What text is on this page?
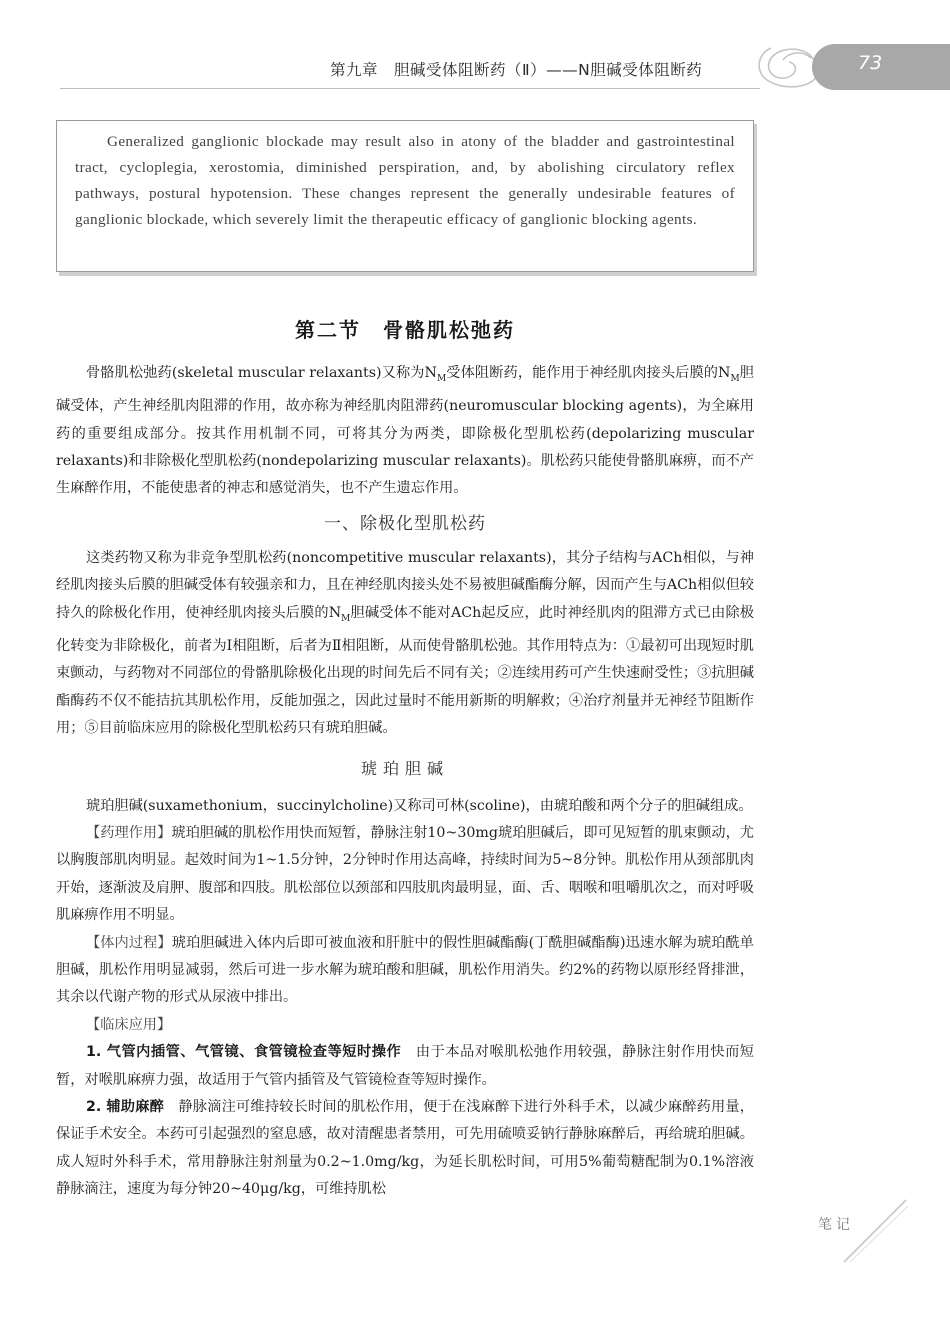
第九章　胆碱受体阻断药（Ⅱ）——N胆碱受体阻断药	73

Generalized ganglionic blockade may result also in atony of the bladder and gastrointestinal tract, cycloplegia, xerostomia, diminished perspiration, and, by abolishing circulatory reflex pathways, postural hypotension. These changes represent the generally undesirable features of ganglionic blockade, which severely limit the therapeutic efficacy of ganglionic blocking agents.

第二节　骨骼肌松弛药

骨骼肌松弛药(skeletal muscular relaxants)又称为$N_M$受体阻断药，能作用于神经肌肉接头后膜的$N_M$胆碱受体，产生神经肌肉阻滞的作用，故亦称为神经肌肉阻滞药(neuromuscular blocking agents)，为全麻用药的重要组成部分。按其作用机制不同，可将其分为两类，即除极化型肌松药(depolarizing muscular relaxants)和非除极化型肌松药(nondepolarizing muscular relaxants)。肌松药只能使骨骼肌麻痹，而不产生麻醉作用，不能使患者的神志和感觉消失，也不产生遗忘作用。

一、除极化型肌松药

这类药物又称为非竞争型肌松药(noncompetitive muscular relaxants)，其分子结构与ACh相似，与神经肌肉接头后膜的胆碱受体有较强亲和力，且在神经肌肉接头处不易被胆碱酯酶分解，因而产生与ACh相似但较持久的除极化作用，使神经肌肉接头后膜的$N_M$胆碱受体不能对ACh起反应，此时神经肌肉的阻滞方式已由除极化转变为非除极化，前者为Ⅰ相阻断，后者为Ⅱ相阻断，从而使骨骼肌松弛。其作用特点为：①最初可出现短时肌束颤动，与药物对不同部位的骨骼肌除极化出现的时间先后不同有关；②连续用药可产生快速耐受性；③抗胆碱酯酶药不仅不能拮抗其肌松作用，反能加强之，因此过量时不能用新斯的明解救；④治疗剂量并无神经节阻断作用；⑤目前临床应用的除极化型肌松药只有琥珀胆碱。

琥珀胆碱

琥珀胆碱(suxamethonium，succinylcholine)又称司可林(scoline)，由琥珀酸和两个分子的胆碱组成。

【药理作用】琥珀胆碱的肌松作用快而短暂，静脉注射10~30mg琥珀胆碱后，即可见短暂的肌束颤动，尤以胸腹部肌肉明显。起效时间为1~1.5分钟，2分钟时作用达高峰，持续时间为5~8分钟。肌松作用从颈部肌肉开始，逐渐波及肩胛、腹部和四肢。肌松部位以颈部和四肢肌肉最明显，面、舌、咽喉和咀嚼肌次之，而对呼吸肌麻痹作用不明显。

【体内过程】琥珀胆碱进入体内后即可被血液和肝脏中的假性胆碱酯酶(丁酰胆碱酯酶)迅速水解为琥珀酰单胆碱，肌松作用明显减弱，然后可进一步水解为琥珀酸和胆碱，肌松作用消失。约2%的药物以原形经肾排泄，其余以代谢产物的形式从尿液中排出。

【临床应用】

1. 气管内插管、气管镜、食管镜检查等短时操作　 由于本品对喉肌松弛作用较强，静脉注射作用快而短暂，对喉肌麻痹力强，故适用于气管内插管及气管镜检查等短时操作。

2. 辅助麻醉　 静脉滴注可维持较长时间的肌松作用，便于在浅麻醉下进行外科手术，以减少麻醉药用量，保证手术安全。本药可引起强烈的窒息感，故对清醒患者禁用，可先用硫喷妥钠行静脉麻醉后，再给琥珀胆碱。成人短时外科手术，常用静脉注射剂量为0.2~1.0mg/kg，为延长肌松时间，可用5%葡萄糖配制为0.1%溶液静脉滴注，速度为每分钟20~40μg/kg，可维持肌松

笔记
